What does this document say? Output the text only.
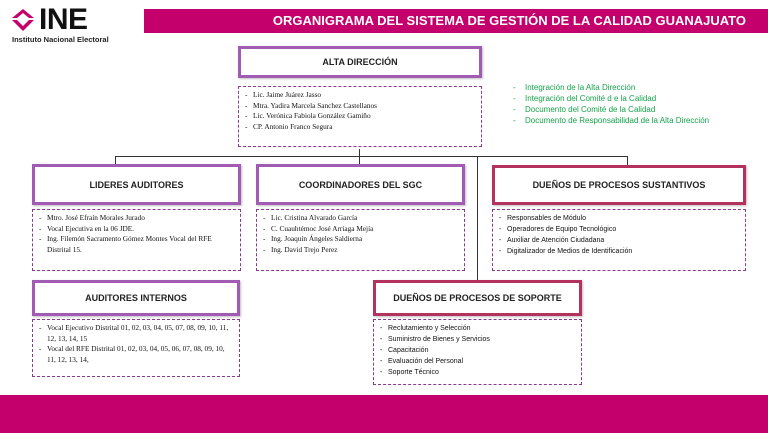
INE
Instituto Nacional Electoral
ORGANIGRAMA DEL SISTEMA DE GESTIÓN DE LA CALIDAD GUANAJUATO
ALTA DIRECCIÓN
- Lic. Jaime Juárez Jasso
- Mtra. Yadira Marcela Sanchez Castellanos
- Lic. Verónica Fabiola González Gamiño
- CP. Antonio Franco Segura
- Integración de la Alta Dirección
- Integración del Comité d e la Calidad
- Documento del Comité de la Calidad
- Documento de Responsabilidad de la Alta Dirección
LIDERES AUDITORES
- Mtro. José Efraín Morales Jurado
- Vocal Ejecutiva en la 06 JDE.
- Ing. Filemón Sacramento Gómez Montes Vocal del RFE Distrital 15.
COORDINADORES DEL SGC
- Lic. Cristina Alvarado García
- C. Cuauhtémoc José Arriaga Mejía
- Ing. Joaquín Ángeles Saldierna
- Ing. David Trejo Perez
DUEÑOS DE PROCESOS SUSTANTIVOS
- Responsables de Módulo
- Operadores de Equipo Tecnológico
- Auxiliar de Atención Ciudadana
- Digitalizador de Medios de Identificación
AUDITORES INTERNOS
- Vocal Ejecutivo Distrital 01, 02, 03, 04, 05, 07, 08, 09, 10, 11, 12, 13, 14, 15
- Vocal del RFE Distrital 01, 02, 03, 04, 05, 06, 07, 08, 09, 10, 11, 12, 13, 14,
DUEÑOS DE PROCESOS DE SOPORTE
- Reclutamiento y Selección
- Suministro de Bienes y Servicios
- Capacitación
- Evaluación del Personal
- Soporte Técnico
